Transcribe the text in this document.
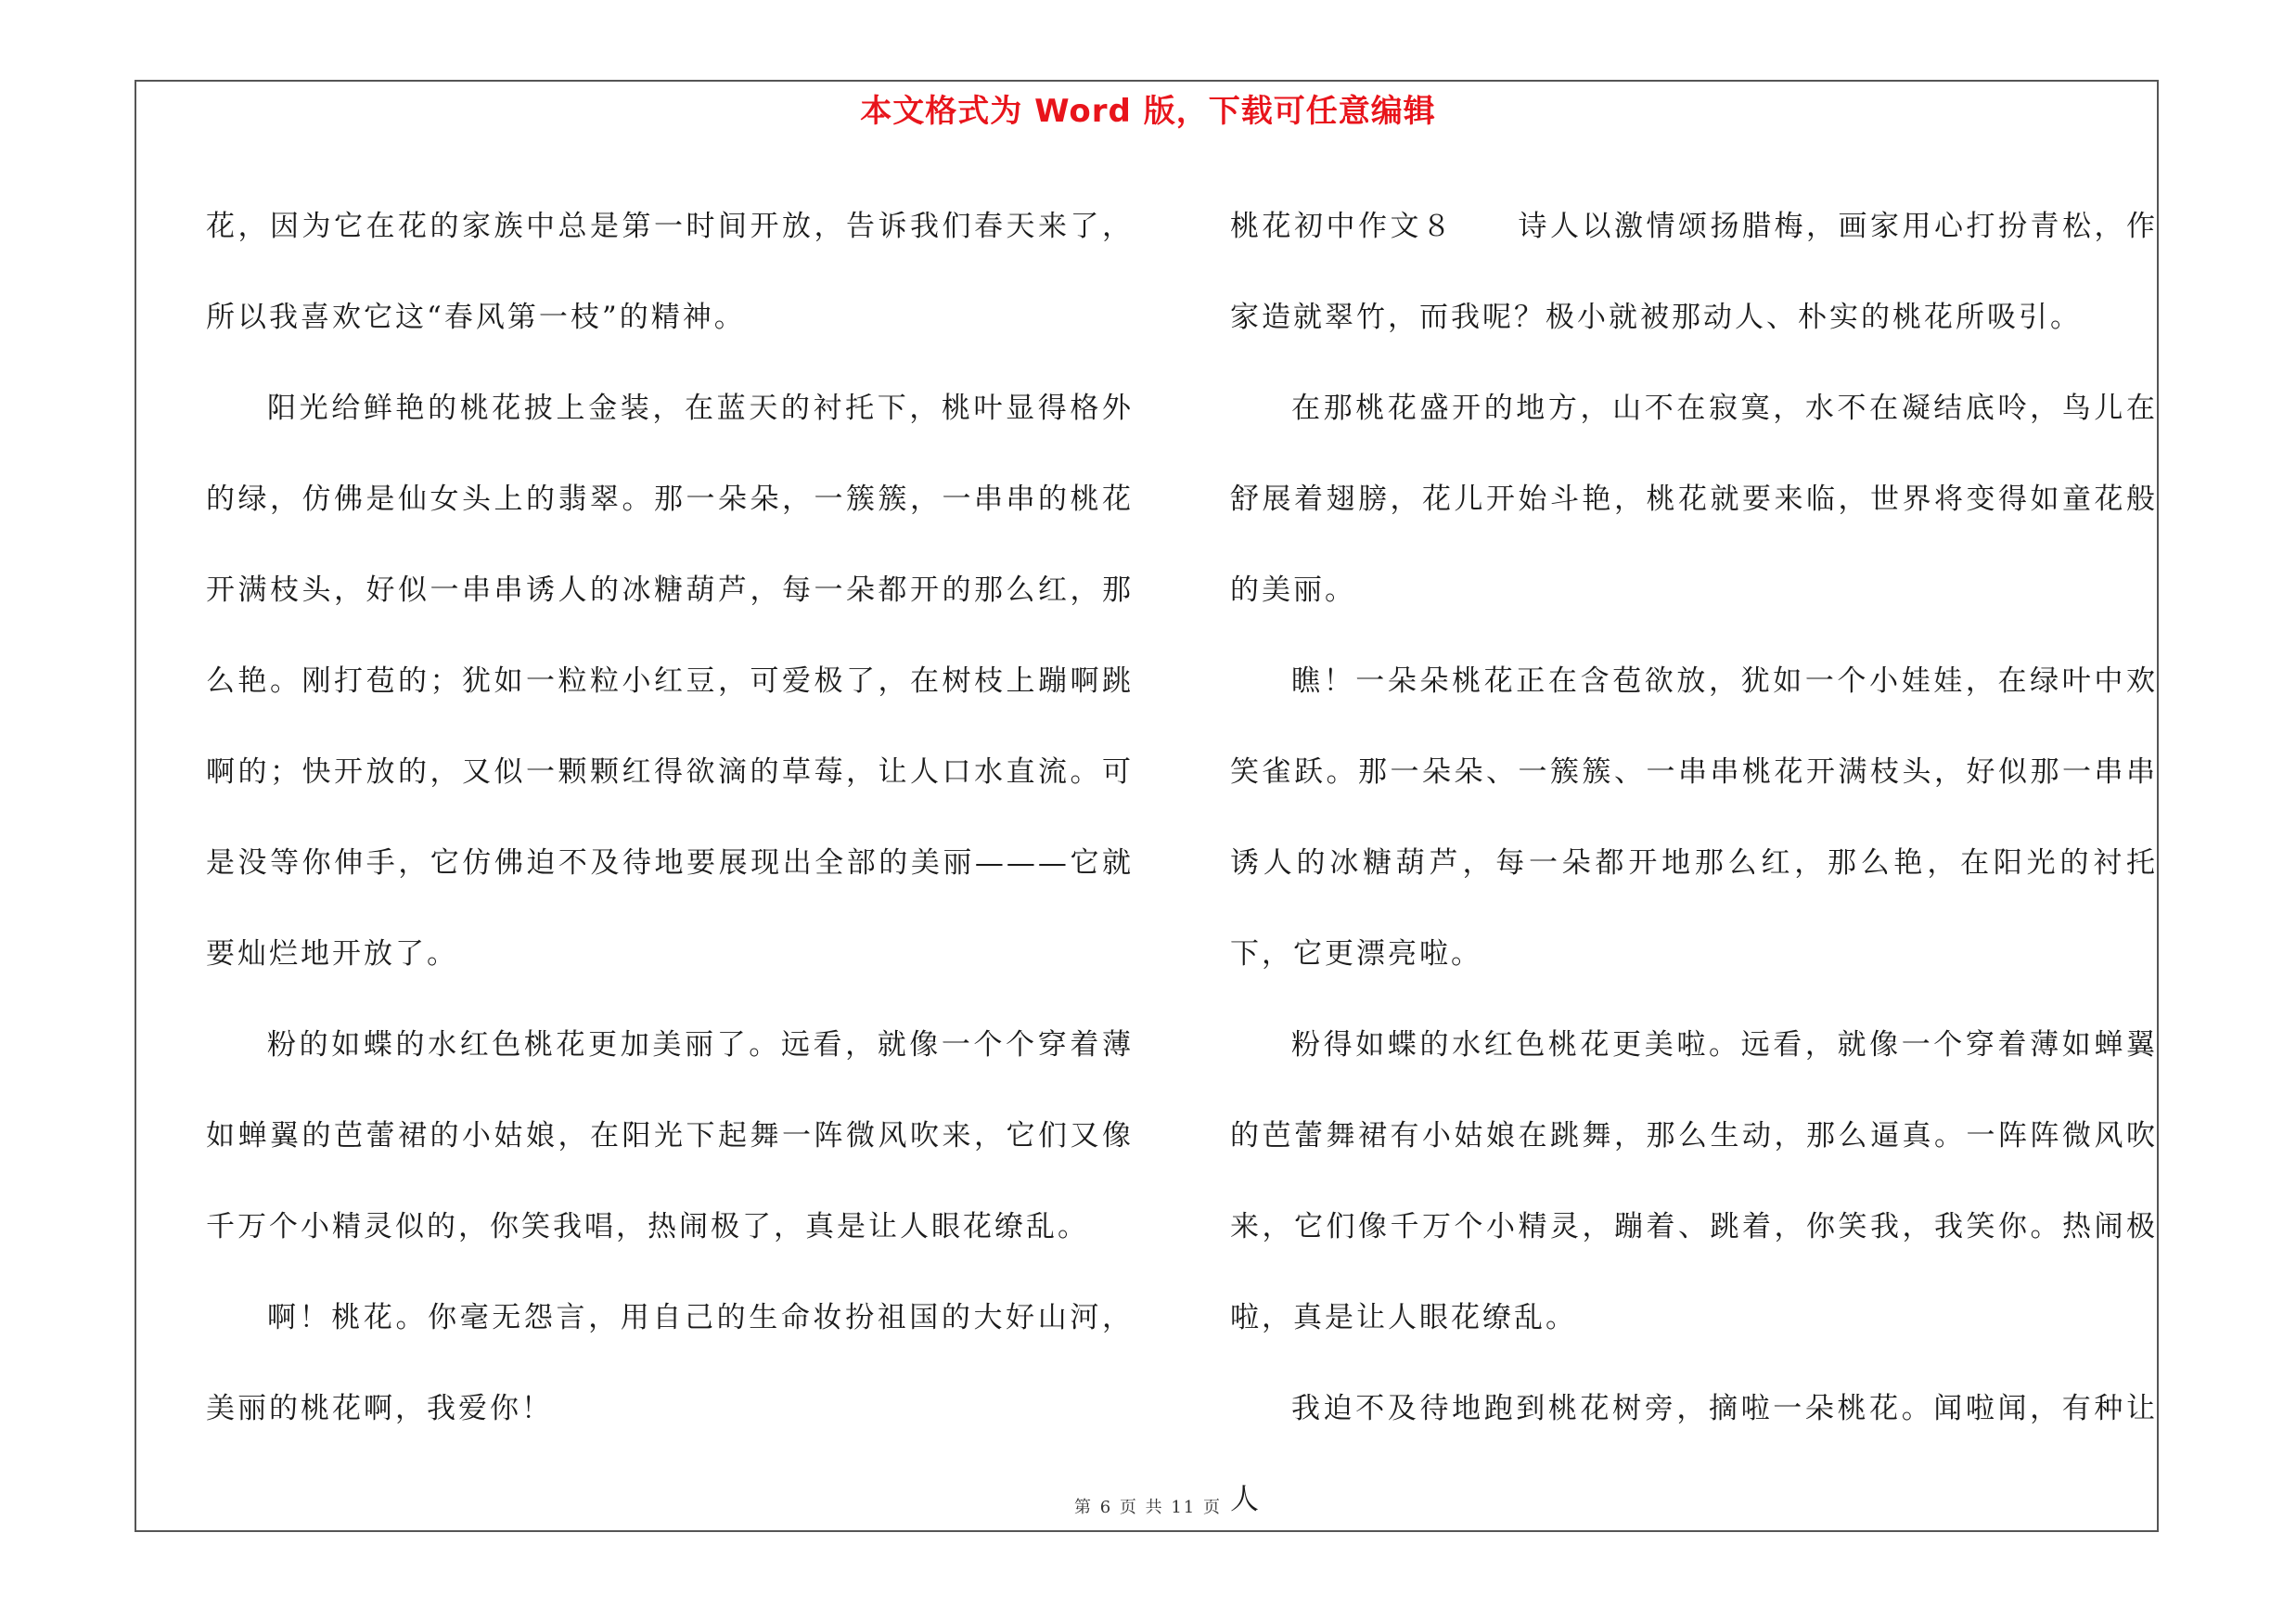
本文格式为 Word 版，下载可任意编辑

花，因为它在花的家族中总是第一时间开放，告诉我们春天来了，所以我喜欢它这“春风第一枝”的精神。

阳光给鲜艳的桃花披上金装，在蓝天的衬托下，桃叶显得格外的绿，仿佛是仙女头上的翡翠。那一朵朵，一簇簇，一串串的桃花开满枝头，好似一串串诱人的冰糖葫芦，每一朵都开的那么红，那么艳。刚打苞的；犹如一粒粒小红豆，可爱极了，在树枝上蹦啊跳啊的；快开放的，又似一颗颗红得欲滴的草莓，让人口水直流。可是没等你伸手，它仿佛迫不及待地要展现出全部的美丽———它就要灿烂地开放了。

粉的如蝶的水红色桃花更加美丽了。远看，就像一个个穿着薄如蝉翼的芭蕾裙的小姑娘，在阳光下起舞一阵微风吹来，它们又像千万个小精灵似的，你笑我唱，热闹极了，真是让人眼花缭乱。

啊！桃花。你毫无怨言，用自己的生命妆扮祖国的大好山河，美丽的桃花啊，我爱你！

桃花初中作文８　　诗人以激情颂扬腊梅，画家用心打扮青松，作家造就翠竹，而我呢？极小就被那动人、朴实的桃花所吸引。

在那桃花盛开的地方，山不在寂寞，水不在凝结底呤，鸟儿在舒展着翅膀，花儿开始斗艳，桃花就要来临，世界将变得如童花般的美丽。

瞧！一朵朵桃花正在含苞欲放，犹如一个小娃娃，在绿叶中欢笑雀跃。那一朵朵、一簇簇、一串串桃花开满枝头，好似那一串串诱人的冰糖葫芦，每一朵都开地那么红，那么艳，在阳光的衬托下，它更漂亮啦。

粉得如蝶的水红色桃花更美啦。远看，就像一个穿着薄如蝉翼的芭蕾舞裙有小姑娘在跳舞，那么生动，那么逼真。一阵阵微风吹来，它们像千万个小精灵，蹦着、跳着，你笑我，我笑你。热闹极啦，真是让人眼花缭乱。

我迫不及待地跑到桃花树旁，摘啦一朵桃花。闻啦闻，有种让人

第 6 页 共 11 页
